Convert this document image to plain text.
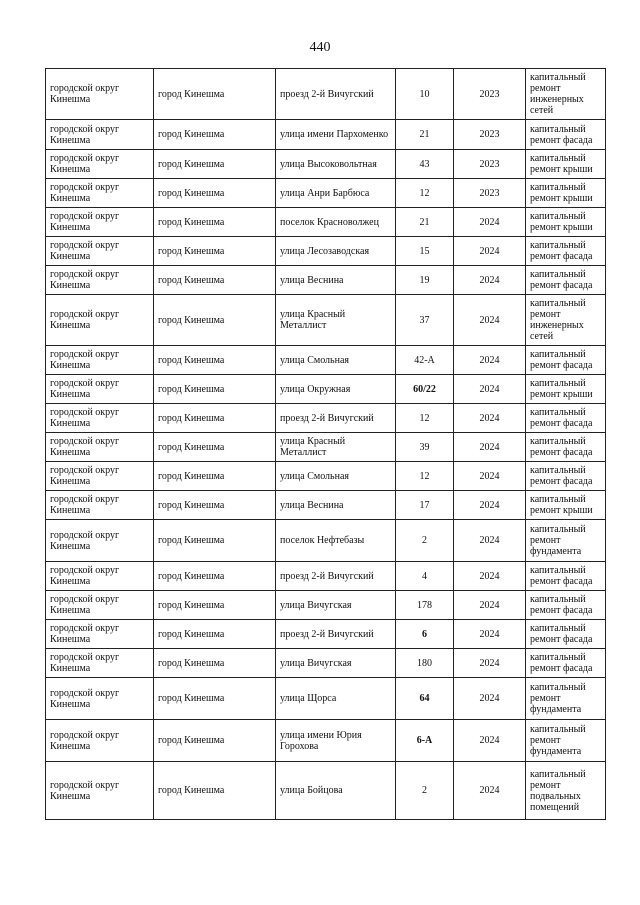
440
городской округ Кинешма	город Кинешма	проезд 2-й Вичугский	10	2023	капитальный ремонт инженерных сетей
городской округ Кинешма	город Кинешма	улица имени Пархоменко	21	2023	капитальный ремонт фасада
городской округ Кинешма	город Кинешма	улица Высоковольтная	43	2023	капитальный ремонт крыши
городской округ Кинешма	город Кинешма	улица Анри Барбюса	12	2023	капитальный ремонт крыши
городской округ Кинешма	город Кинешма	поселок Красноволжец	21	2024	капитальный ремонт крыши
городской округ Кинешма	город Кинешма	улица Лесозаводская	15	2024	капитальный ремонт фасада
городской округ Кинешма	город Кинешма	улица Веснина	19	2024	капитальный ремонт фасада
городской округ Кинешма	город Кинешма	улица Красный Металлист	37	2024	капитальный ремонт инженерных сетей
городской округ Кинешма	город Кинешма	улица Смольная	42-А	2024	капитальный ремонт фасада
городской округ Кинешма	город Кинешма	улица Окружная	60/22	2024	капитальный ремонт крыши
городской округ Кинешма	город Кинешма	проезд 2-й Вичугский	12	2024	капитальный ремонт фасада
городской округ Кинешма	город Кинешма	улица Красный Металлист	39	2024	капитальный ремонт фасада
городской округ Кинешма	город Кинешма	улица Смольная	12	2024	капитальный ремонт фасада
городской округ Кинешма	город Кинешма	улица Веснина	17	2024	капитальный ремонт крыши
городской округ Кинешма	город Кинешма	поселок Нефтебазы	2	2024	капитальный ремонт фундамента
городской округ Кинешма	город Кинешма	проезд 2-й Вичугский	4	2024	капитальный ремонт фасада
городской округ Кинешма	город Кинешма	улица Вичугская	178	2024	капитальный ремонт фасада
городской округ Кинешма	город Кинешма	проезд 2-й Вичугский	6	2024	капитальный ремонт фасада
городской округ Кинешма	город Кинешма	улица Вичугская	180	2024	капитальный ремонт фасада
городской округ Кинешма	город Кинешма	улица Щорса	64	2024	капитальный ремонт фундамента
городской округ Кинешма	город Кинешма	улица имени Юрия Горохова	6-А	2024	капитальный ремонт фундамента
городской округ Кинешма	город Кинешма	улица Бойцова	2	2024	капитальный ремонт подвальных помещений
